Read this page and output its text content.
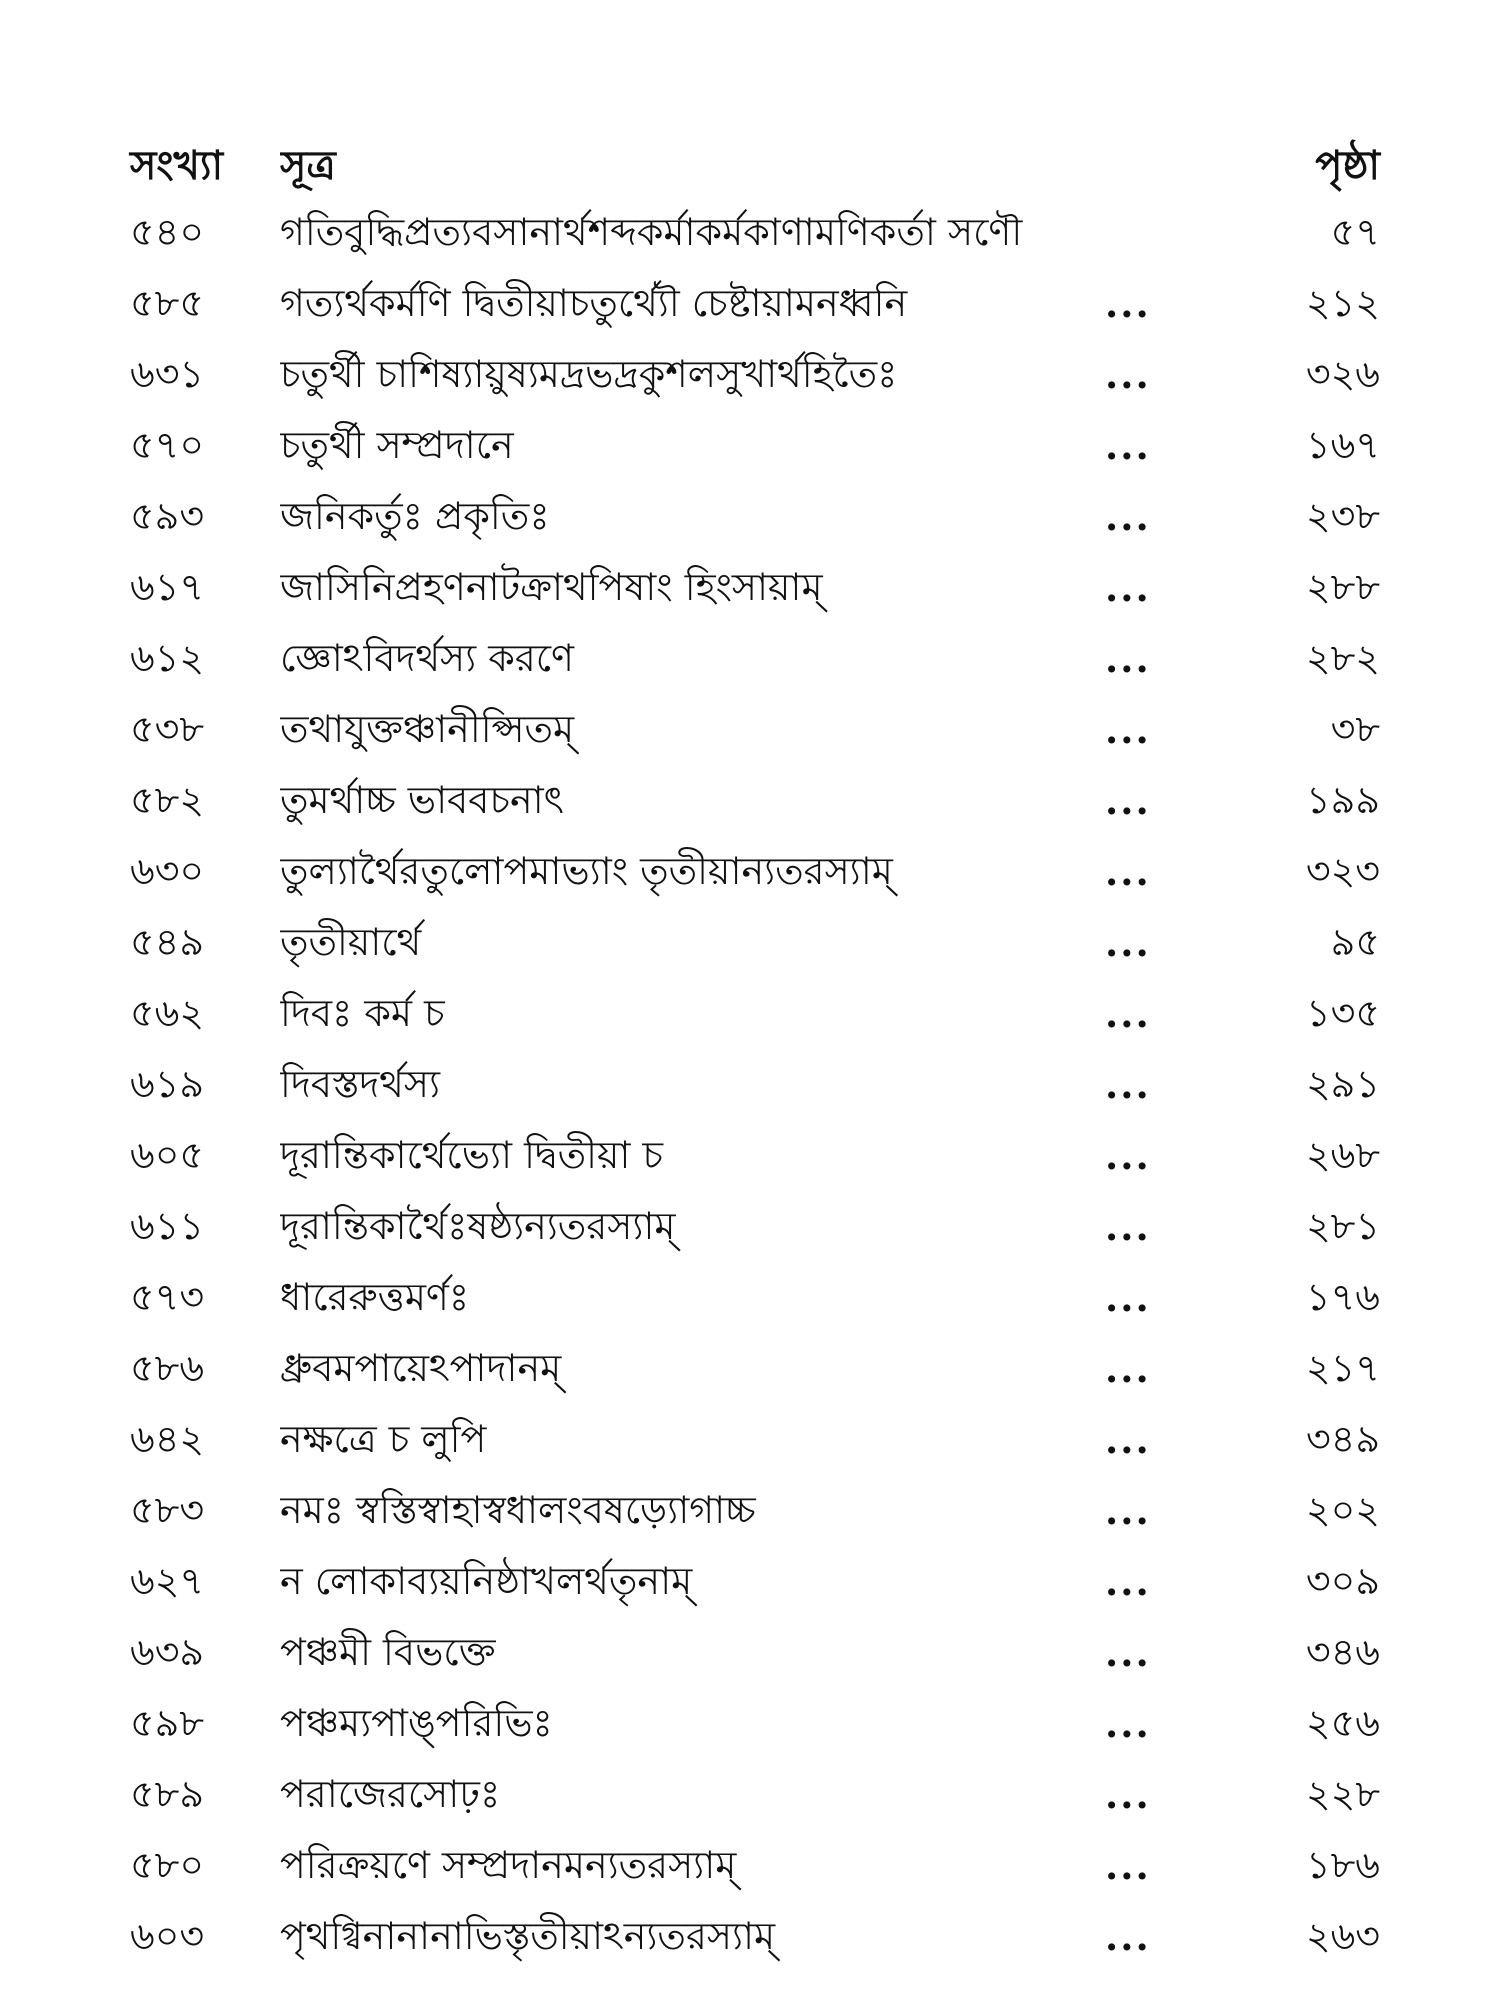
সংখ্যা	সূত্র	পৃষ্ঠা
৫৪০	গতিবুদ্ধিপ্রত্যবসানার্থশব্দকর্মাকর্মকাণামণিকর্তা সণৌ	৫৭
৫৮৫	গত্যর্থকর্মণি দ্বিতীয়াচতুর্থ্যৌ চেষ্টায়ামনধ্বনি	...	২১২
৬৩১	চতুর্থী চাশিষ্যায়ুষ্যমদ্রভদ্রকুশলসুখার্থহিতৈঃ	...	৩২৬
৫৭০	চতুর্থী সম্প্রদানে	...	১৬৭
৫৯৩	জনিকর্তুঃ প্রকৃতিঃ	...	২৩৮
৬১৭	জাসিনিপ্রহণনাটক্রাথপিষাং হিংসায়াম্	...	২৮৮
৬১২	জ্ঞোঽবিদর্থস্য করণে	...	২৮২
৫৩৮	তথাযুক্তঞ্চানীপ্সিতম্	...	৩৮
৫৮২	তুমর্থাচ্চ ভাববচনাৎ	...	১৯৯
৬৩০	তুল্যার্থৈরতুলোপমাভ্যাং তৃতীয়ান্যতরস্যাম্	...	৩২৩
৫৪৯	তৃতীয়ার্থে	...	৯৫
৫৬২	দিবঃ কর্ম চ	...	১৩৫
৬১৯	দিবস্তদর্থস্য	...	২৯১
৬০৫	দূরান্তিকার্থেভ্যো দ্বিতীয়া চ	...	২৬৮
৬১১	দূরান্তিকার্থৈঃষষ্ঠ্যন্যতরস্যাম্	...	২৮১
৫৭৩	ধারেরুত্তমর্ণঃ	...	১৭৬
৫৮৬	ধ্রুবমপায়েঽপাদানম্	...	২১৭
৬৪২	নক্ষত্রে চ লুপি	...	৩৪৯
৫৮৩	নমঃ স্বস্তিস্বাহাস্বধালংবষড়্যোগাচ্চ	...	২০২
৬২৭	ন লোকাব্যয়নিষ্ঠাখলর্থতৃনাম্	...	৩০৯
৬৩৯	পঞ্চমী বিভক্তে	...	৩৪৬
৫৯৮	পঞ্চম্যপাঙ্পরিভিঃ	...	২৫৬
৫৮৯	পরাজেরসোঢ়ঃ	...	২২৮
৫৮০	পরিক্রয়ণে সম্প্রদানমন্যতরস্যাম্	...	১৮৬
৬০৩	পৃথগ্বিনানানাভিস্তৃতীয়াঽন্যতরস্যাম্	...	২৬৩
